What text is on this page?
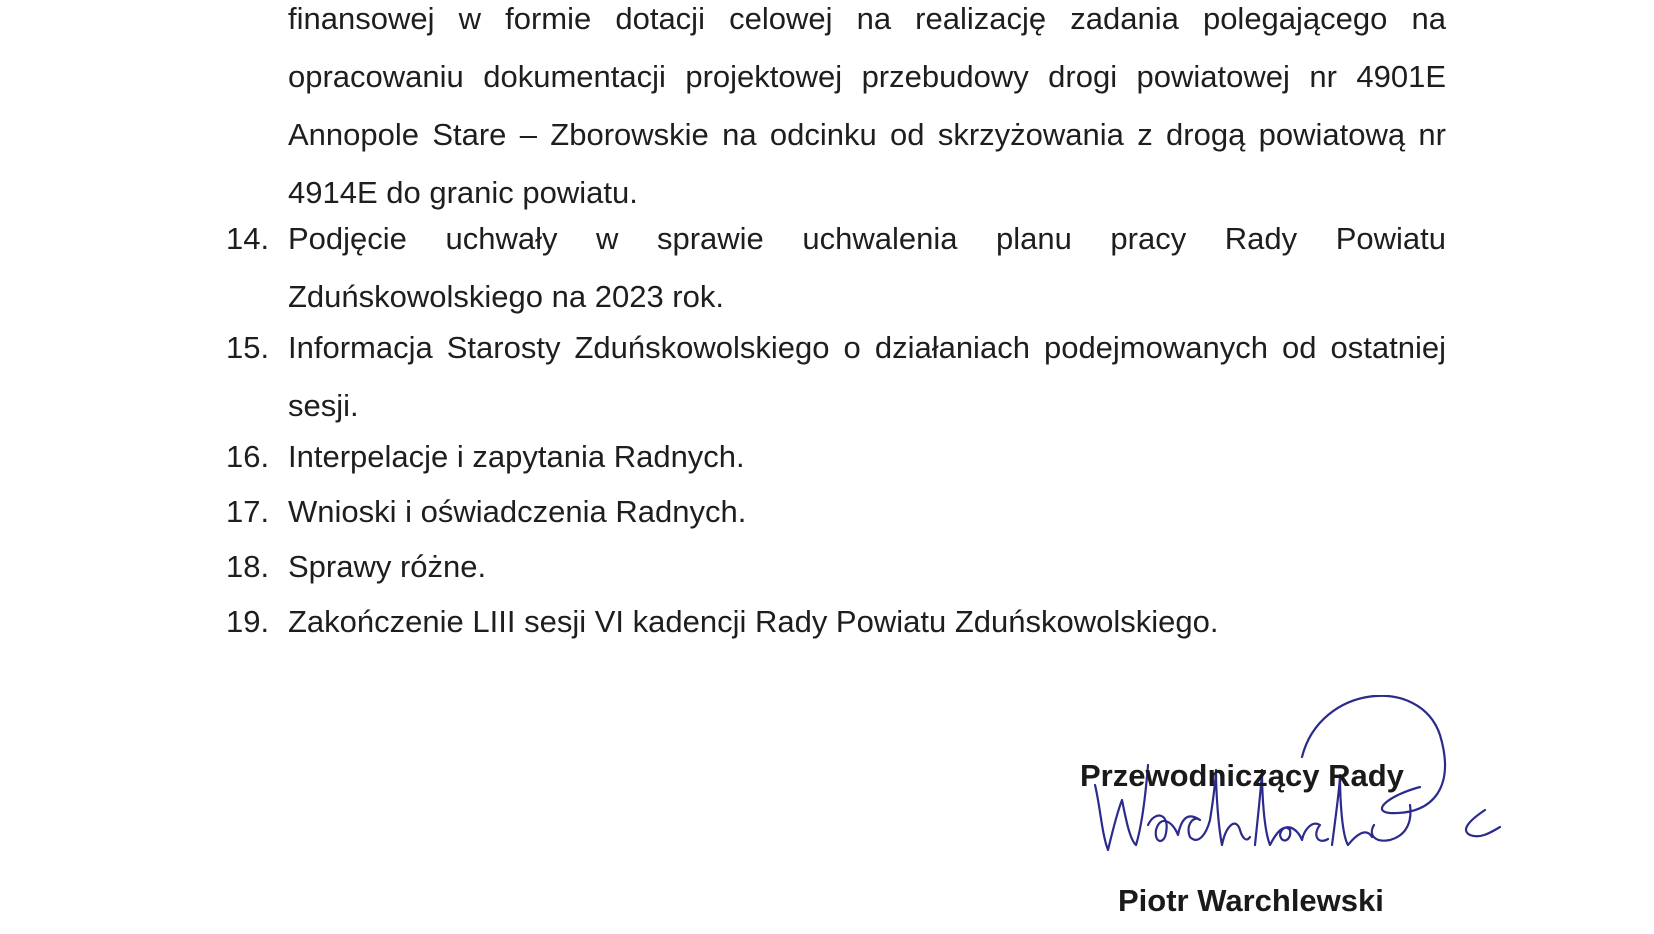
finansowej w formie dotacji celowej na realizację zadania polegającego na opracowaniu dokumentacji projektowej przebudowy drogi powiatowej nr 4901E Annopole Stare – Zborowskie na odcinku od skrzyżowania z drogą powiatową nr 4914E do granic powiatu.
14. Podjęcie uchwały w sprawie uchwalenia planu pracy Rady Powiatu Zduńskowolskiego na 2023 rok.
15. Informacja Starosty Zduńskowolskiego o działaniach podejmowanych od ostatniej sesji.
16. Interpelacje i zapytania Radnych.
17. Wnioski i oświadczenia Radnych.
18. Sprawy różne.
19. Zakończenie LIII sesji VI kadencji Rady Powiatu Zduńskowolskiego.
Przewodniczący Rady
Piotr Warchlewski
